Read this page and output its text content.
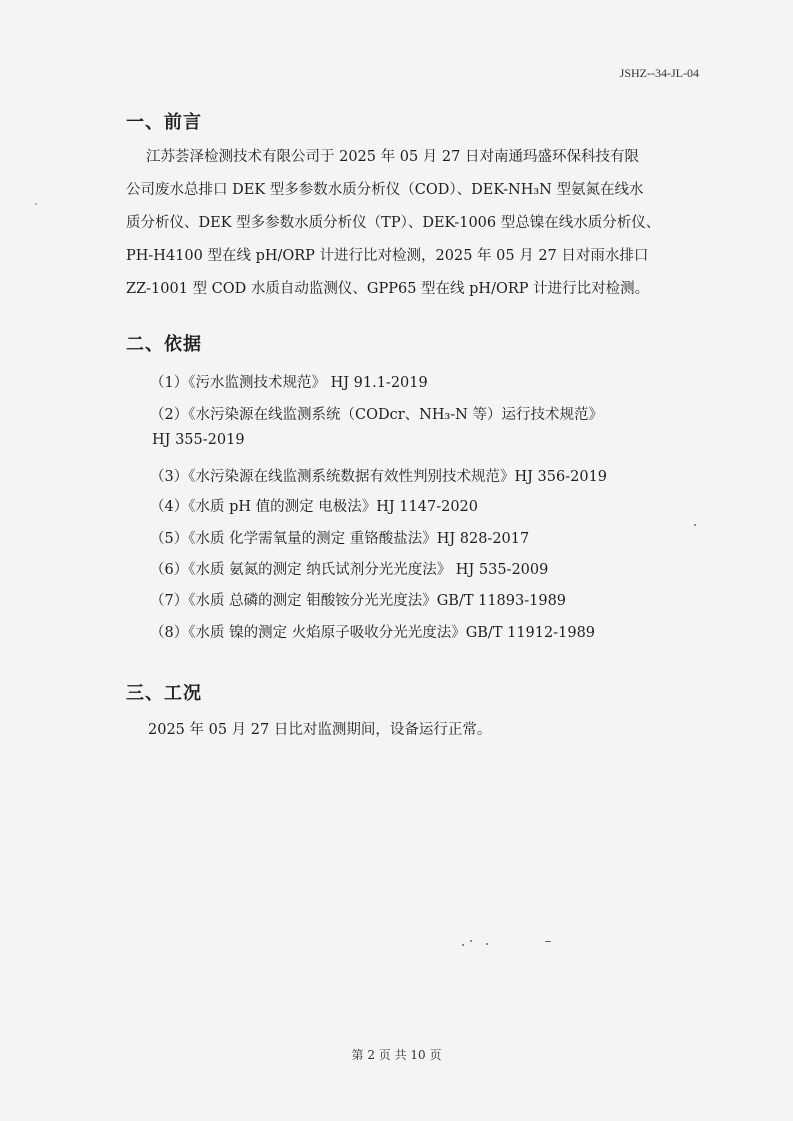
JSHZ--34-JL-04
一、前言
江苏荟泽检测技术有限公司于 2025 年 05 月 27 日对南通玛盛环保科技有限
公司废水总排口 DEK 型多参数水质分析仪（COD）、DEK-NH₃N 型氨氮在线水
质分析仪、DEK 型多参数水质分析仪（TP）、DEK-1006 型总镍在线水质分析仪、
PH-H4100 型在线 pH/ORP 计进行比对检测，2025 年 05 月 27 日对雨水排口
ZZ-1001 型 COD 水质自动监测仪、GPP65 型在线 pH/ORP 计进行比对检测。
二、依据
（1）《污水监测技术规范》 HJ 91.1-2019
（2）《水污染源在线监测系统（CODcr、NH₃-N 等）运行技术规范》
HJ 355-2019
（3）《水污染源在线监测系统数据有效性判别技术规范》HJ 356-2019
（4）《水质 pH 值的测定 电极法》HJ 1147-2020
（5）《水质 化学需氧量的测定 重铬酸盐法》HJ 828-2017
（6）《水质 氨氮的测定 纳氏试剂分光光度法》 HJ 535-2009
（7）《水质 总磷的测定 钼酸铵分光光度法》GB/T 11893-1989
（8）《水质 镍的测定 火焰原子吸收分光光度法》GB/T 11912-1989
三、工况
2025 年 05 月 27 日比对监测期间，设备运行正常。
第 2 页 共 10 页
